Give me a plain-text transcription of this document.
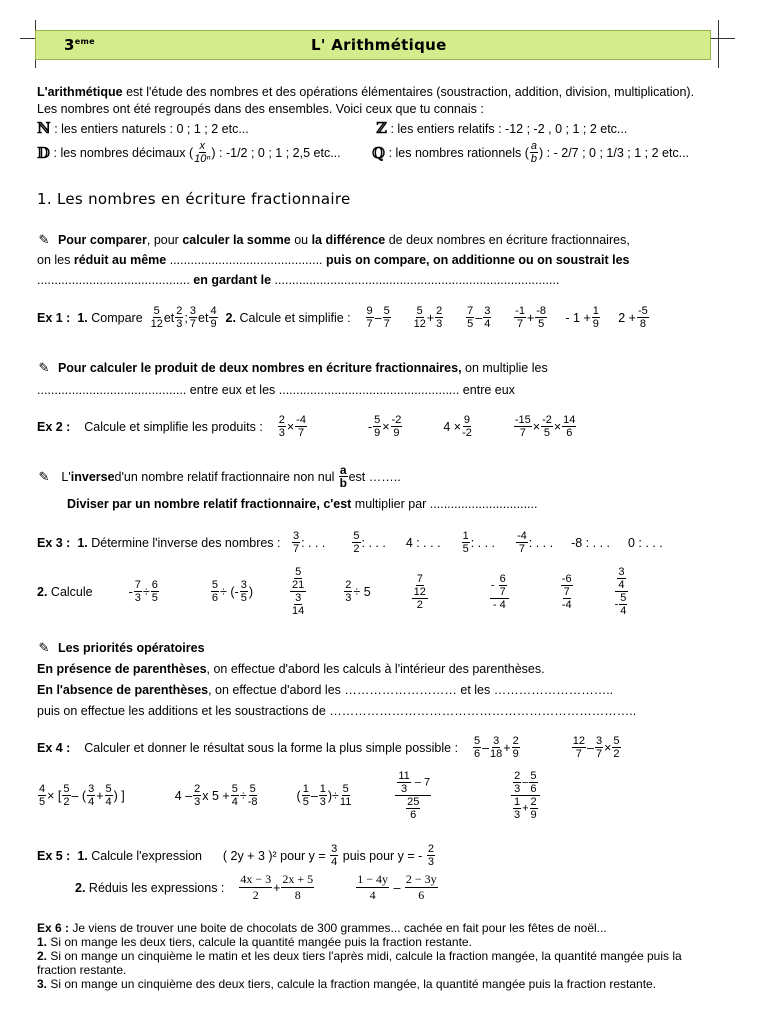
3eme	L' Arithmétique
L'arithmétique est l'étude des nombres et des opérations élémentaires (soustraction, addition, division, multiplication).
Les nombres ont été regroupés dans des ensembles. Voici ceux que tu connais :
ℕ : les entiers naturels : 0 ; 1 ; 2 etc...	ℤ : les entiers relatifs : -12 ; -2 , 0 ; 1 ; 2 etc...
𝔻
: les nombres décimaux ( x
10ⁿ ) : -1/2 ; 0 ; 1 ; 2,5 etc... ℚ
: les nombres rationnels ( a
b ) : - 2/7 ; 0 ; 1/3 ; 1 ; 2 etc...
1. Les nombres en écriture fractionnaire
✎ Pour comparer, pour calculer la somme ou la différence de deux nombres en écriture fractionnaires,
on les réduit au même ............................................ puis on compare, on additionne ou on soustrait les
............................................ en gardant le ..................................................................................
Ex 1 :
1.
Compare
5
12 et 2
3 ; 3
7 et 4
9
2.
Calcule et simplifie :
9
7 – 5
7

5
12 + 2
3

7
5 – 3
4

-1
7 + -8
5 - 1 + 1
9 2 + -5
8
✎ Pour calculer le produit de deux nombres en écriture fractionnaires, on multiplie les
........................................... entre eux et les .................................................... entre eux
Ex 2 :
Calcule et simplifie les produits :
2
3 × -4
7	- 5
9 × -2
9	4 × 9
-2
-15
7 × -2
5 × 14
6
✎
L' inverse d'un nombre relatif fractionnaire non nul
a
b est ……..
Diviser par un nombre relatif fractionnaire, c'est multiplier par ...............................
Ex 3 :
1.
Détermine l'inverse des nombres :
3
7 : . . .	5
2 : . . . 4 : . . . 1
5 : . . . -4
7 : . . . -8 : . . . 0 : . . .
2.
Calcule	- 7
3 ÷ 6
5
5
6 ÷ (- 3
5 )
$\frac{5}{21}$
$\frac{3}{14}$
2
3 ÷ 5	$\frac{7}{12}$
2
- $\frac{6}{7}$
- 4
-6
$\frac{7}{-4}$
$\frac{3}{4}$
- $\frac{5}{4}$
✎ Les priorités opératoires
En présence de parenthèses, on effectue d'abord les calculs à l'intérieur des parenthèses.
En l'absence de parenthèses, on effectue d'abord les ……………………… et les ………………………..
puis on effectue les additions et les soustractions de ………………………………………………………………..
Ex 4 :
Calculer et donner le résultat sous la forme la plus simple possible :
5
6 – 3
18 + 2
9
12
7 – 3
7 × 5
2
4
5 × [ 5
2 – ( 3
4 + 5
4 ) ]	4 – 2
3 x 5 + 5
4 ÷ 5
-8	( 1
5 – 1
3 )÷ 5
11
$\frac{11}{3} - 7$
$\frac{25}{6}$
$\frac{2}{3} - \frac{5}{6}$
$\frac{1}{3} + \frac{2}{9}$
Ex 5 :
1.
Calcule l'expression
( 2y + 3 )² pour y =
$\frac{3}{4}$
puis pour y = -
2
3
2.
Réduis les expressions :

4x − 3
2
+
2x + 5
8
1 − 4y
4
–
2 − 3y
6
Ex 6 : Je viens de trouver une boite de chocolats de 300 grammes... cachée en fait pour les fêtes de noël...
1. Si on mange les deux tiers, calcule la quantité mangée puis la fraction restante.
2. Si on mange un cinquième le matin et les deux tiers l'après midi, calcule la fraction mangée, la quantité mangée puis la
fraction restante.
3. Si on mange un cinquième des deux tiers, calcule la fraction mangée, la quantité mangée puis la fraction restante.
